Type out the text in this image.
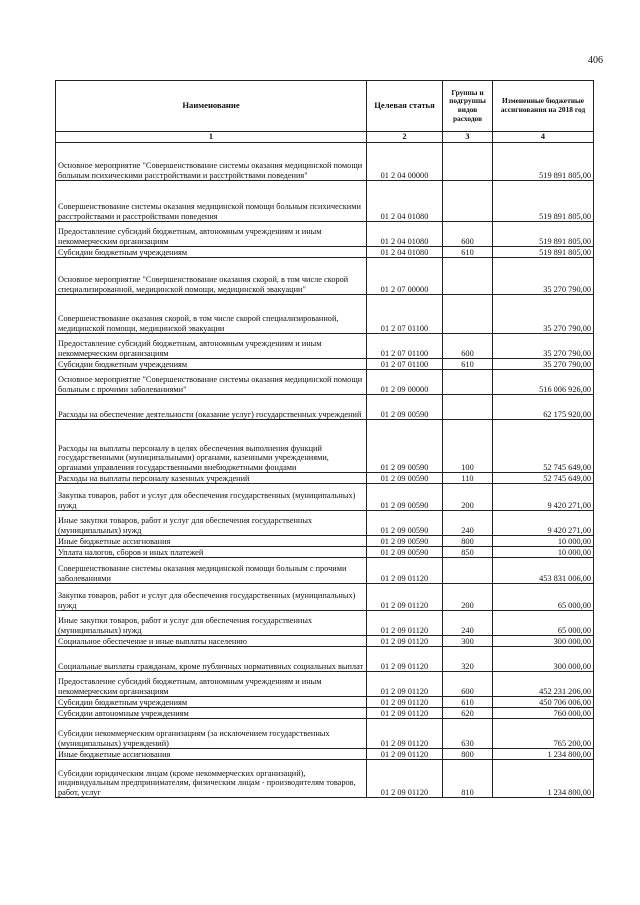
406
Наименование	Целевая статья	Группы и подгруппы видов расходов	Измененные бюджетные ассигнования на 2018 год
1	2	3	4
Основное мероприятие "Совершенствование системы оказания медицинской помощи больным психическими расстройствами и расстройствами поведения"	01 2 04 00000		519 891 805,00
Совершенствование системы оказания медицинской помощи больным психическими расстройствами и расстройствами поведения	01 2 04 01080		519 891 805,00
Предоставление субсидий бюджетным, автономным учреждениям и иным некоммерческим организациям	01 2 04 01080	600	519 891 805,00
Субсидии бюджетным учреждениям	01 2 04 01080	610	519 891 805,00
Основное мероприятие "Совершенствование оказания скорой, в том числе скорой специализированной, медицинской помощи, медицинской эвакуации"	01 2 07 00000		35 270 790,00
Совершенствование оказания скорой, в том числе скорой специализированной, медицинской помощи, медицинской эвакуации	01 2 07 01100		35 270 790,00
Предоставление субсидий бюджетным, автономным учреждениям и иным некоммерческим организациям	01 2 07 01100	600	35 270 790,00
Субсидии бюджетным учреждениям	01 2 07 01100	610	35 270 790,00
Основное мероприятие "Совершенствование системы оказания медицинской помощи больным с прочими заболеваниями"	01 2 09 00000		516 006 926,00
Расходы на обеспечение деятельности (оказание услуг) государственных учреждений	01 2 09 00590		62 175 920,00
Расходы на выплаты персоналу в целях обеспечения выполнения функций государственными (муниципальными) органами, казенными учреждениями, органами управления государственными внебюджетными фондами	01 2 09 00590	100	52 745 649,00
Расходы на выплаты персоналу казенных учреждений	01 2 09 00590	110	52 745 649,00
Закупка товаров, работ и услуг для обеспечения государственных (муниципальных) нужд	01 2 09 00590	200	9 420 271,00
Иные закупки товаров, работ и услуг для обеспечения государственных (муниципальных) нужд	01 2 09 00590	240	9 420 271,00
Иные бюджетные ассигнования	01 2 09 00590	800	10 000,00
Уплата налогов, сборов и иных платежей	01 2 09 00590	850	10 000,00
Совершенствование системы оказания медицинской помощи больным с прочими заболеваниями	01 2 09 01120		453 831 006,00
Закупка товаров, работ и услуг для обеспечения государственных (муниципальных) нужд	01 2 09 01120	200	65 000,00
Иные закупки товаров, работ и услуг для обеспечения государственных (муниципальных) нужд	01 2 09 01120	240	65 000,00
Социальное обеспечение и иные выплаты населению	01 2 09 01120	300	300 000,00
Социальные выплаты гражданам, кроме публичных нормативных социальных выплат	01 2 09 01120	320	300 000,00
Предоставление субсидий бюджетным, автономным учреждениям и иным некоммерческим организациям	01 2 09 01120	600	452 231 206,00
Субсидии бюджетным учреждениям	01 2 09 01120	610	450 706 006,00
Субсидии автономным учреждениям	01 2 09 01120	620	760 000,00
Субсидии некоммерческим организациям (за исключением государственных (муниципальных) учреждений)	01 2 09 01120	630	765 200,00
Иные бюджетные ассигнования	01 2 09 01120	800	1 234 800,00
Субсидии юридическим лицам (кроме некоммерческих организаций), индивидуальным предпринимателям, физическим лицам - производителям товаров, работ, услуг	01 2 09 01120	810	1 234 800,00
